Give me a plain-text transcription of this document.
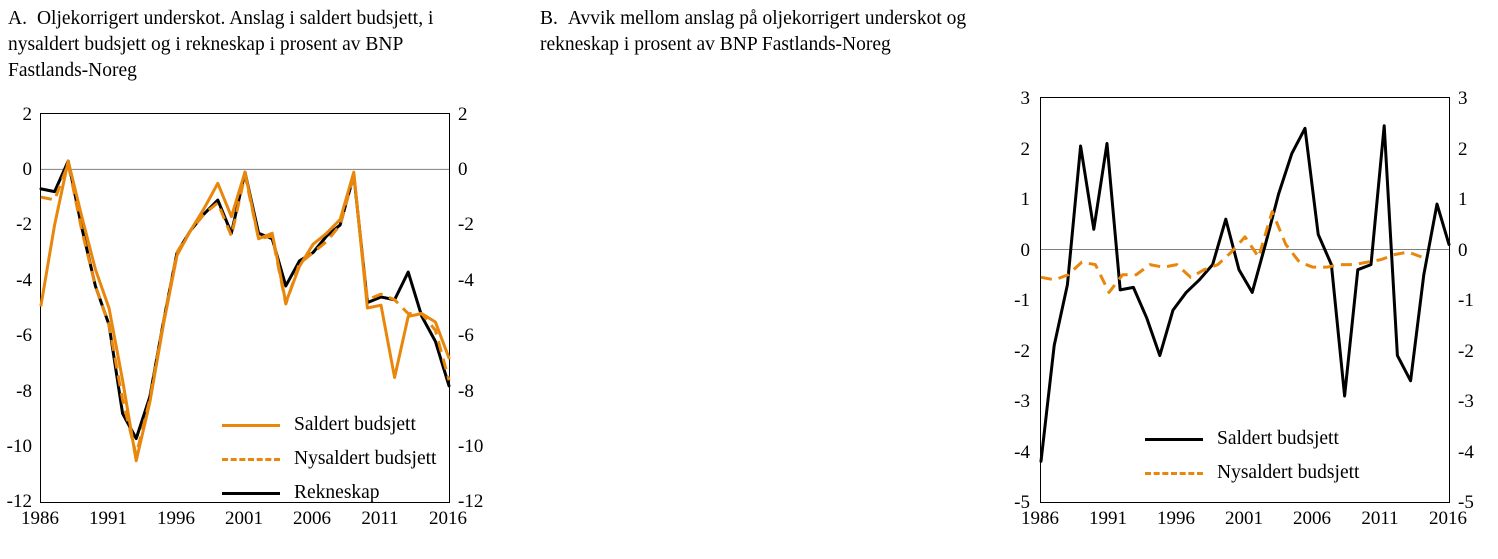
A. Oljekorrigert underskot. Anslag i saldert budsjett, i nysaldert budsjett og i rekneskap i prosent av BNP Fastlands-Noreg
2
0
-2
-4
-6
-8
-10
-12
2
0
-2
-4
-6
-8
-10
-12
1986	1991	1996	2001	2006	2011	2016
Saldert budsjett
Nysaldert budsjett
Rekneskap
B. Avvik mellom anslag på oljekorrigert underskot og rekneskap i prosent av BNP Fastlands-Noreg
3
2
1
0
-1
-2
-3
-4
-5
3
2
1
0
-1
-2
-3
-4
-5
1986	1991	1996	2001	2006	2011	2016
Saldert budsjett
Nysaldert budsjett
